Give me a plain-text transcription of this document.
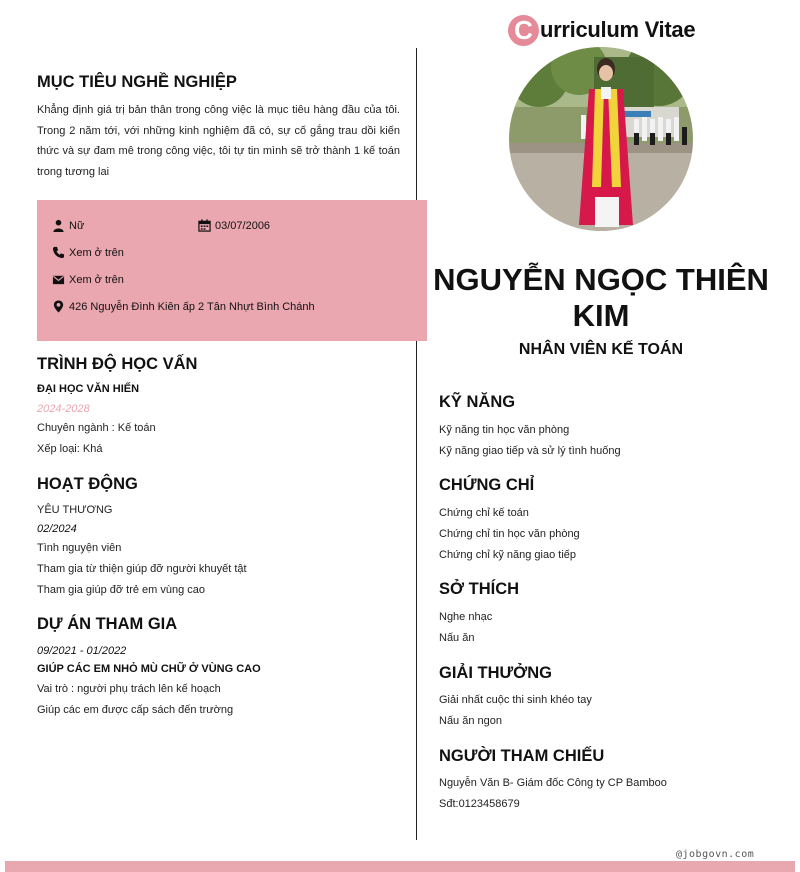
@jobgovn.com
C urriculum Vitae
NGUYỄN NGỌC THIÊN KIM
NHÂN VIÊN KẾ TOÁN
MỤC TIÊU NGHỀ NGHIỆP
Khẳng định giá trị bản thân trong công việc là mục tiêu hàng đầu của tôi. Trong 2 năm tới, với những kinh nghiệm đã có, sự cố gắng trau dồi kiến thức và sự đam mê trong công việc, tôi tự tin mình sẽ trở thành 1 kế toán trong tương lai
Nữ	03/07/2006
Xem ở trên
Xem ở trên
426 Nguyễn Đình Kiên ấp 2 Tân Nhựt Bình Chánh
TRÌNH ĐỘ HỌC VẤN
ĐẠI HỌC VĂN HIẾN
2024-2028
Chuyên ngành : Kế toán
Xếp loại: Khá
HOẠT ĐỘNG
YÊU THƯƠNG
02/2024
Tình nguyện viên
Tham gia từ thiện giúp đỡ người khuyết tật
Tham gia giúp đỡ trẻ em vùng cao
DỰ ÁN THAM GIA
09/2021 - 01/2022
GIÚP CÁC EM NHỎ MÙ CHỮ Ở VÙNG CAO
Vai trò : người phụ trách lên kế hoạch
Giúp các em được cấp sách đến trường
KỸ NĂNG
Kỹ năng tin học văn phòng
Kỹ năng giao tiếp và sử lý tình huống
CHỨNG CHỈ
Chứng chỉ kế toán
Chứng chỉ tin học văn phòng
Chứng chỉ kỹ năng giao tiếp
SỞ THÍCH
Nghe nhạc
Nấu ăn
GIẢI THƯỞNG
Giải nhất cuộc thi sinh khéo tay
Nấu ăn ngon
NGƯỜI THAM CHIẾU
Nguyễn Văn B- Giám đốc Công ty CP Bamboo
Sđt:0123458679
